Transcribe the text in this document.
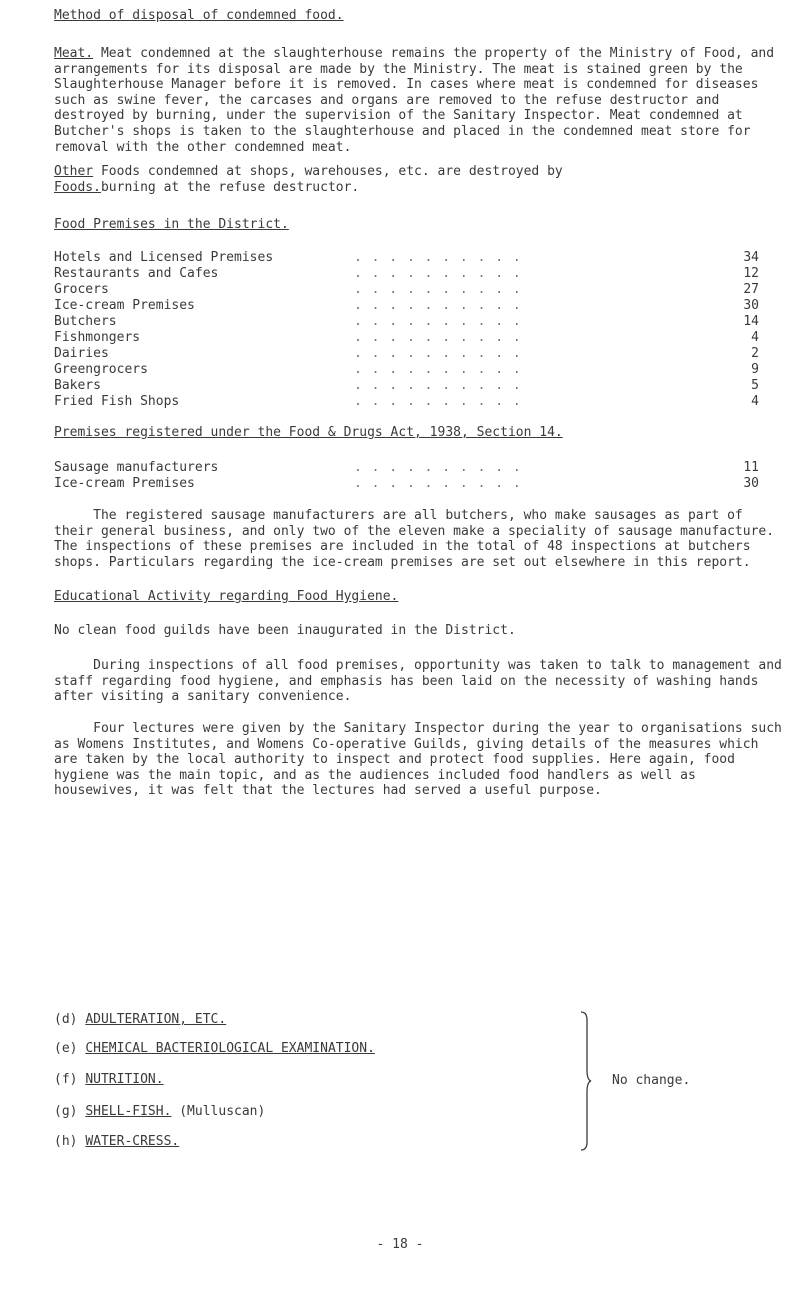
Method of disposal of condemned food.

Meat. Meat condemned at the slaughterhouse remains the property of the Ministry of Food, and arrangements for its disposal are made by the Ministry. The meat is stained green by the Slaughterhouse Manager before it is removed. In cases where meat is condemned for diseases such as swine fever, the carcases and organs are removed to the refuse destructor and destroyed by burning, under the supervision of the Sanitary Inspector. Meat condemned at Butcher's shops is taken to the slaughterhouse and placed in the condemned meat store for removal with the other condemned meat.

Other Foods condemned at shops, warehouses, etc. are destroyed by
Foods.burning at the refuse destructor.
Food Premises in the District.
Hotels and Licensed Premises	. . . . . . . . . .	34
Restaurants and Cafes	. . . . . . . . . .	12
Grocers	. . . . . . . . . .	27
Ice-cream Premises	. . . . . . . . . .	30
Butchers	. . . . . . . . . .	14
Fishmongers	. . . . . . . . . .	4
Dairies	. . . . . . . . . .	2
Greengrocers	. . . . . . . . . .	9
Bakers	. . . . . . . . . .	5
Fried Fish Shops	. . . . . . . . . .	4
Premises registered under the Food & Drugs Act, 1938, Section 14.
Sausage manufacturers	. . . . . . . . . .	11
Ice-cream Premises	. . . . . . . . . .	30

The registered sausage manufacturers are all butchers, who make sausages as part of their general business, and only two of the eleven make a speciality of sausage manufacture. The inspections of these premises are included in the total of 48 inspections at butchers shops. Particulars regarding the ice-cream premises are set out elsewhere in this report.

Educational Activity regarding Food Hygiene.

No clean food guilds have been inaugurated in the District.

During inspections of all food premises, opportunity was taken to talk to management and staff regarding food hygiene, and emphasis has been laid on the necessity of washing hands after visiting a sanitary convenience.

Four lectures were given by the Sanitary Inspector during the year to organisations such as Womens Institutes, and Womens Co-operative Guilds, giving details of the measures which are taken by the local authority to inspect and protect food supplies. Here again, food hygiene was the main topic, and as the audiences included food handlers as well as housewives, it was felt that the lectures had served a useful purpose.

(d) ADULTERATION, ETC.
(e) CHEMICAL BACTERIOLOGICAL EXAMINATION.
(f) NUTRITION.
(g) SHELL-FISH. (Mulluscan)
(h) WATER-CRESS.
No change.
- 18 -
